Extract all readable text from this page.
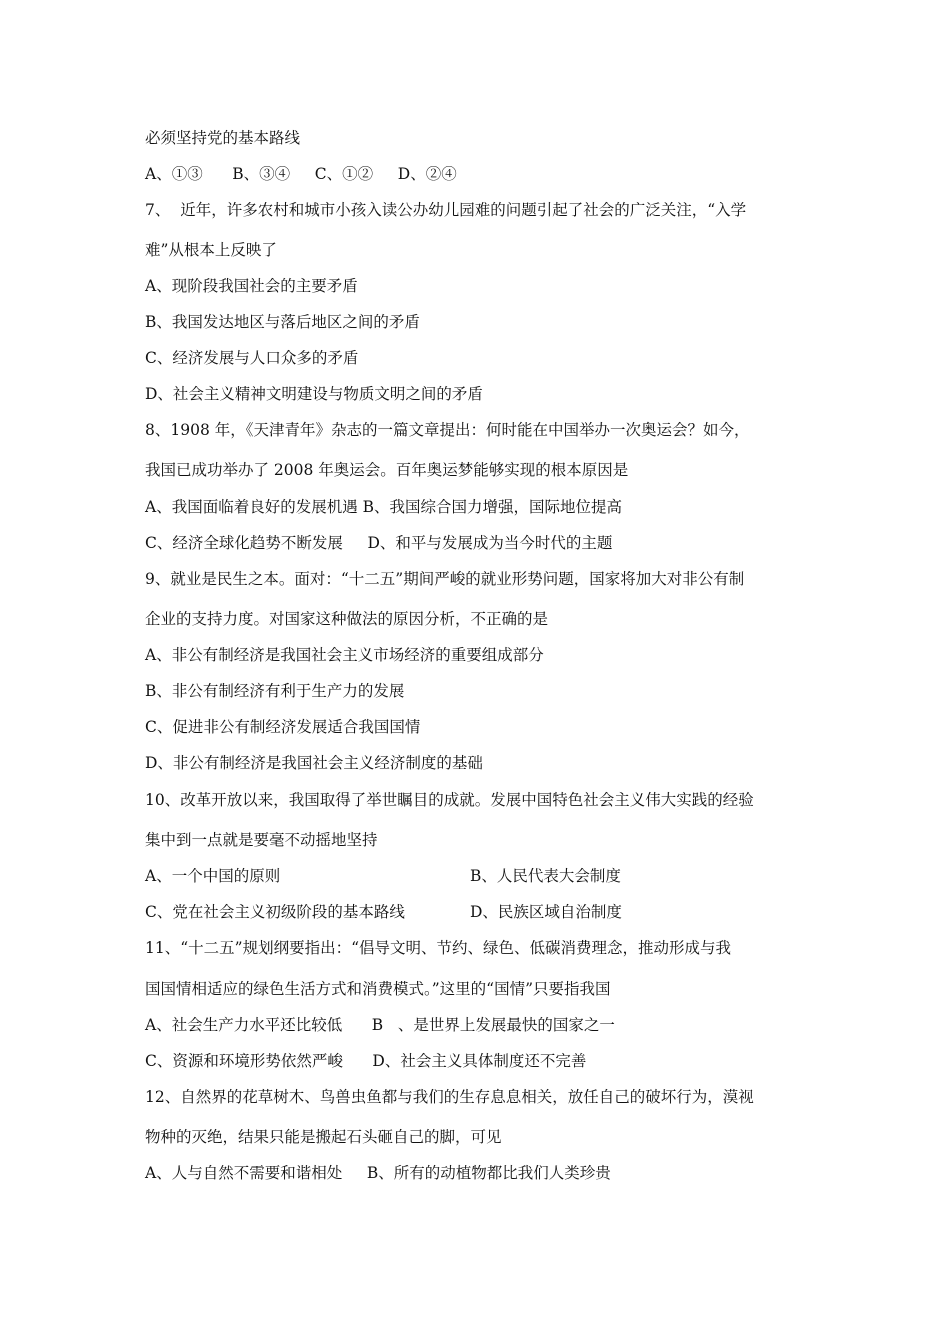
必须坚持党的基本路线
A、①③      B、③④     C、①②     D、②④
7、  近年，许多农村和城市小孩入读公办幼儿园难的问题引起了社会的广泛关注，“入学
难”从根本上反映了
A、现阶段我国社会的主要矛盾
B、我国发达地区与落后地区之间的矛盾
C、经济发展与人口众多的矛盾
D、社会主义精神文明建设与物质文明之间的矛盾
8、1908 年，《天津青年》杂志的一篇文章提出：何时能在中国举办一次奥运会？如今，
我国已成功举办了 2008 年奥运会。百年奥运梦能够实现的根本原因是
A、我国面临着良好的发展机遇 B、我国综合国力增强，国际地位提高
C、经济全球化趋势不断发展     D、和平与发展成为当今时代的主题
9、就业是民生之本。面对：“十二五”期间严峻的就业形势问题，国家将加大对非公有制
企业的支持力度。对国家这种做法的原因分析，不正确的是
A、非公有制经济是我国社会主义市场经济的重要组成部分
B、非公有制经济有利于生产力的发展
C、促进非公有制经济发展适合我国国情
D、非公有制经济是我国社会主义经济制度的基础
10、改革开放以来，我国取得了举世瞩目的成就。发展中国特色社会主义伟大实践的经验
集中到一点就是要毫不动摇地坚持
A、一个中国的原则	B、人民代表大会制度
C、党在社会主义初级阶段的基本路线	D、民族区域自治制度
11、“十二五”规划纲要指出：“倡导文明、节约、绿色、低碳消费理念，推动形成与我
国国情相适应的绿色生活方式和消费模式。”这里的“国情”只要指我国
A、社会生产力水平还比较低      B   、是世界上发展最快的国家之一
C、资源和环境形势依然严峻      D、社会主义具体制度还不完善
12、自然界的花草树木、鸟兽虫鱼都与我们的生存息息相关，放任自己的破坏行为，漠视
物种的灭绝，结果只能是搬起石头砸自己的脚，可见
A、人与自然不需要和谐相处     B、所有的动植物都比我们人类珍贵
